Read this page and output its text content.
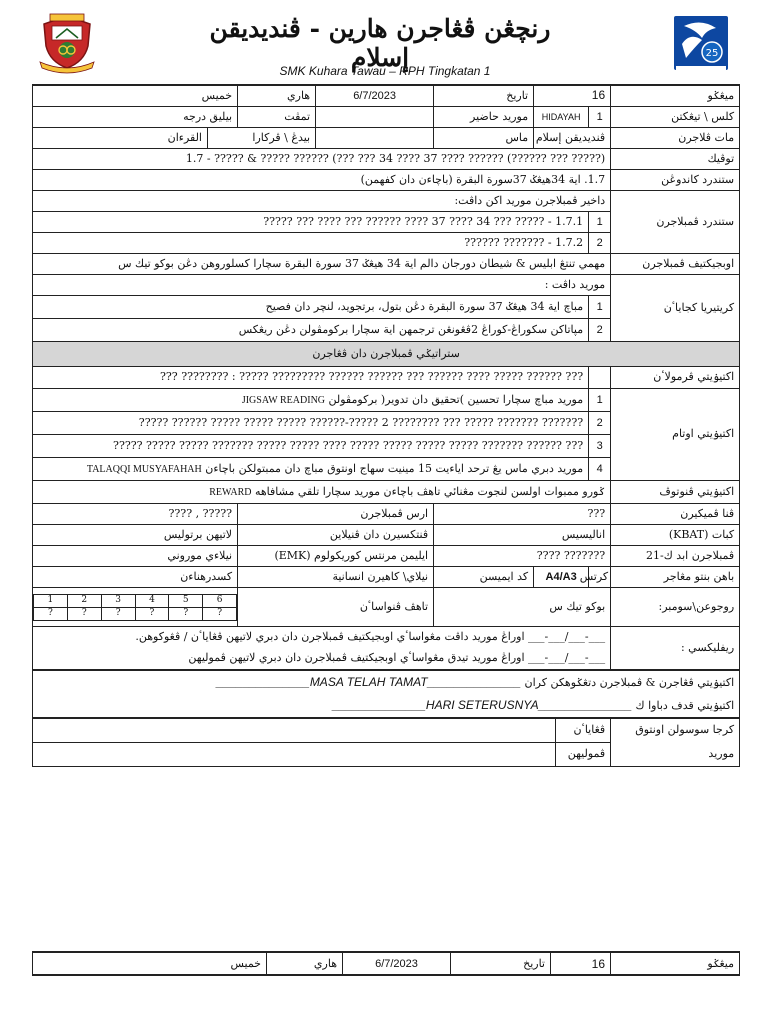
رنچڠن ڤڠاجرن هارين - ڤنديديقن إسلام
SMK Kuhara Tawau – RPH Tingkatan 1
25
خميس	هاري	6/7/2023	تاريخ	16	ميڠݢو
بيليق درجه	تمڤت		موريد حاضير	HIDAYAH	1	كلس \ تيڠكتن
القرءان	بيدڠ \ ڤركارا		ماس	ڤنديديقن إسلام	مات ڤلاجرن
(????? ??? ??????) ?????? ???? 37 ???? 34 ??? ???) ?????? ????? & ????? - 1.7	توڤيك
1.7. اية 34هيڠݢ 37سورة البقرة (باچاءن دان كفهمن)	ستندرد كاندوڠن
داخير ڤمبلاجرن موريد اکن داڤت:	ستندرد ڤمبلاجرن
1.7.1 - ????? ??? 34 ???? 37 ???? ?????? ??? ???? ??? ?????	1
1.7.2 - ??????? ??????	2
مهمي تنتڠ ابليس & شيطان دورجان دالم اية 34 هيڠݢ 37 سورة البقرة سچارا كسلوروهن دڠن بوكو تيك س	اوبجيکتيف ڤمبلاجرن
موريد داڤت :	كريتيريا كجاياٴن
مباچ اية 34 هيڠݢ 37 سورة البقرة دڠن بتول، برتجويد، لنچر دان فصيح	1
مڽاتاکن سکوراڠ-کوراڠ 2ڤڠونڠن ترجمهن اية سچارا بركومڤولن دڠن ريڠكس	2
ستراتيݢي ڤمبلاجرن دان ڤڠاجرن
??? ?????? ????? ???? ?????? ??? ?????? ?????? ????????? ????? : ???????? ???		اکتيۏيتي ڤرمولاٴن
موريد مباچ سچارا تحسين )تحقيق دان تدوير( بركومڤولن JIGSAW READING	1	اکتيۏيتي اوتام
??????? ??????? ????? ??? ???????? 2 ?????-?????? ????? ????? ????? ?????? ?????	2
??? ?????? ??????? ????? ????? ????? ????? ???? ????? ????? ??????? ????? ????? ?????	3
موريد دبري ماس يڠ ترحد اياءيت 15 مينيت سهاج اونتوق مباچ دان ممبتولکن باچاءن TALAQQI MUSYAFAHAH	4
ݢورو ممبوات اولسن لنجوت مڠنائي تاهڤ باچاءن موريد سچارا تلقي مشافاهه REWARD	اکتيۏيتي ڤنوتوڤ
????? , ????	ارس ڤمبلاجرن	???	ڤنا ڤميكيرن
لاتيهن برتوليس	ڤنتكسيرن دان ڤنيلاين	اناليسيس	كبات (KBAT)
نيلاءي موروني	ايليمن مرنتس كوريكولوم (EMK)	??????? ????	ڤمبلاجرن ابد ك-21
كسدرهناءن	نيلاي\ كاهيرن انسانية	كد ايميسن	A4/A3	كرتس	باهن بنتو مڠاجر

1	2	3	4	5	6
?	?	?	?	?	?
	تاهڤ ڤنواساٴن	بوكو تيك س	روجوعن\سومبر:
___-___/___-___ اوراڠ موريد داڤت مڠواساٴي اوبجيکتيف ڤمبلاجرن دان دبري لاتيهن ڤڠاياٴن / ڤڠوکوهن.	ريفليکسي :
___-___/___-___ اوراڠ موريد تيدق مڠواساٴي اوبجيکتيف ڤمبلاجرن دان دبري لاتيهن ڤموليهن
اکتيۏيتي ڤڠاجرن & ڤمبلاجرن دتڠݢوهکن کران ______________MASA TELAH TAMAT______________
اکتيۏيتي قدف دباوا ك ______________HARI SETERUSNYA______________
	ڤڠاياٴن	کرجا سوسولن اونتوق
	ڤموليهن	موريد
خميس	هاري	6/7/2023	تاريخ	16	ميڠݢو
